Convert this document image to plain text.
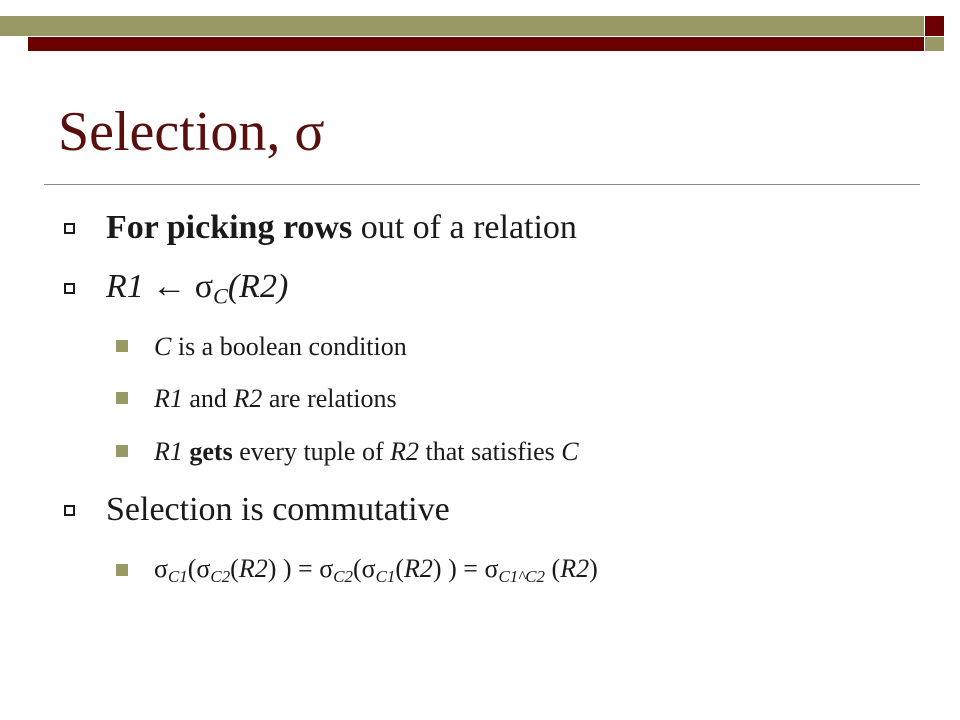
Selection, σ
For picking rows out of a relation
R1 ← $\sigma_C(R2)$
C is a boolean condition
R1 and R2 are relations
R1 gets every tuple of R2 that satisfies C
Selection is commutative
$\sigma_{C1}(\sigma_{C2}(R2)$ ) = $\sigma_{C2}(\sigma_{C1}(R2)$ ) = $\sigma_{C1\^{}C2}$ (R2)
